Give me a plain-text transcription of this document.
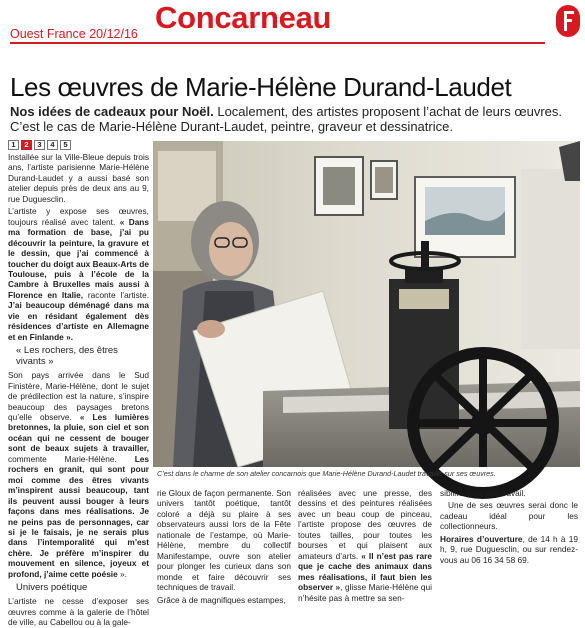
Concarneau
Ouest France 20/12/16
Les œuvres de Marie-Hélène Durand-Laudet
Nos idées de cadeaux pour Noël. Localement, des artistes proposent l’achat de leurs œuvres. C’est le cas de Marie-Hélène Durant-Laudet, peintre, graveur et dessinatrice.
1	2	3	4	5

Installée sur la Ville-Bleue depuis trois ans, l’artiste parisienne Marie-Hélène Durand-Laudet y a aussi basé son atelier depuis près de deux ans au 9, rue Duguesclin.

L’artiste y expose ses œuvres, toujours réalisé avec talent. « Dans ma formation de base, j’ai pu découvrir la peinture, la gravure et le dessin, que j’ai commencé à toucher du doigt aux Beaux-Arts de Toulouse, puis à l’école de la Cambre à Bruxelles mais aussi à Florence en Italie, raconte l’artiste. J’ai beaucoup déménagé dans ma vie en résidant également dès résidences d’artiste en Allemagne et en Finlande ».

« Les rochers, des êtres vivants »

Son pays arrivée dans le Sud Finistère, Marie-Hélène, dont le sujet de prédilection est la nature, s’inspire beaucoup des paysages bretons qu’elle observe. « Les lumières bretonnes, la pluie, son ciel et son océan qui ne cessent de bouger sont de beaux sujets à travailler, commente Marie-Hélène. Les rochers en granit, qui sont pour moi comme des êtres vivants m’inspirent aussi beaucoup, tant ils peuvent aussi bouger à leurs façons dans mes réalisations. Je ne peins pas de personnages, car si je le faisais, je ne serais plus dans l’intemporalité qui m’est chère. Je préfère m’inspirer du mouvement en silence, joyeux et profond, j’aime cette poésie ».

Univers poétique

L’artiste ne cesse d’exposer ses œuvres comme à la galerie de l’hôtel de ville, au Cabellou ou à la gale-

C’est dans le charme de son atelier concarnois que Marie-Hélène Durand-Laudet travaille sur ses œuvres.

rie Gloux de façon permanente. Son univers tantôt poétique, tantôt coloré a déjà su plaire à ses observateurs aussi lors de la Fête nationale de l’estampe, où Marie-Hélène, membre du collectif Manifestampe, ouvre son atelier pour plonger les curieux dans son monde et faire découvrir ses techniques de travail.

Grâce à de magnifiques estampes,

réalisées avec une presse, des dessins et des peintures réalisées avec un beau coup de pinceau, l’artiste propose des œuvres de toutes tailles, pour toutes les bourses et qui plaisent aux amateurs d’arts. « Il n’est pas rare que je cache des animaux dans mes réalisations, il faut bien les observer », glisse Marie-Hélène qui n’hésite pas à mettre sa sen-

sibilité dans son travail.

Une de ses œuvres serai donc le cadeau idéal pour les collectionneurs.

Horaires d’ouverture, de 14 h à 19 h, 9, rue Duguesclin, ou sur rendez-vous au 06 16 34 58 69.
